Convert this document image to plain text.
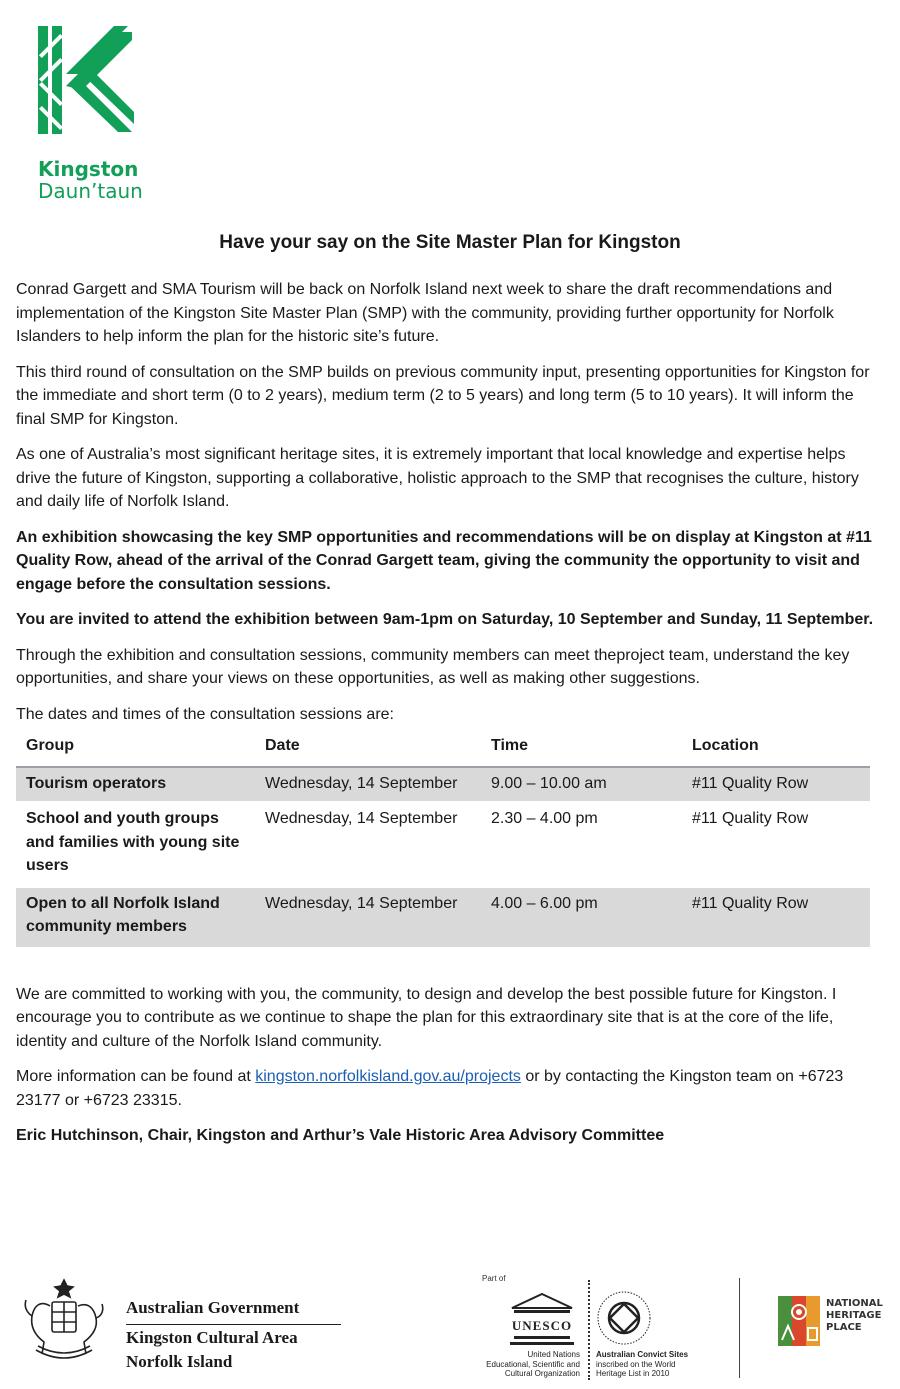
Kingston
Daun’taun
Have your say on the Site Master Plan for Kingston

Conrad Gargett and SMA Tourism will be back on Norfolk Island next week to share the draft recommendations and implementation of the Kingston Site Master Plan (SMP) with the community, providing further opportunity for Norfolk Islanders to help inform the plan for the historic site’s future.

This third round of consultation on the SMP builds on previous community input, presenting opportunities for Kingston for the immediate and short term (0 to 2 years), medium term (2 to 5 years) and long term (5 to 10 years). It will inform the final SMP for Kingston.

As one of Australia’s most significant heritage sites, it is extremely important that local knowledge and expertise helps drive the future of Kingston, supporting a collaborative, holistic approach to the SMP that recognises the culture, history and daily life of Norfolk Island.

An exhibition showcasing the key SMP opportunities and recommendations will be on display at Kingston at #11 Quality Row, ahead of the arrival of the Conrad Gargett team, giving the community the opportunity to visit and engage before the consultation sessions.

You are invited to attend the exhibition between 9am-1pm on Saturday, 10 September and Sunday, 11 September.

Through the exhibition and consultation sessions, community members can meet theproject team, understand the key opportunities, and share your views on these opportunities, as well as making other suggestions.

The dates and times of the consultation sessions are:

Group	Date	Time	Location
Tourism operators	Wednesday, 14 September	9.00 – 10.00 am	#11 Quality Row
School and youth groups and families with young site users	Wednesday, 14 September	2.30 – 4.00 pm	#11 Quality Row
Open to all Norfolk Island community members	Wednesday, 14 September	4.00 – 6.00 pm	#11 Quality Row

We are committed to working with you, the community, to design and develop the best possible future for Kingston. I encourage you to contribute as we continue to shape the plan for this extraordinary site that is at the core of the life, identity and culture of the Norfolk Island community.

More information can be found at kingston.norfolkisland.gov.au/projects or by contacting the Kingston team on +6723 23177 or +6723 23315.

Eric Hutchinson, Chair, Kingston and Arthur’s Vale Historic Area Advisory Committee

Australian Government
Kingston Cultural Area
Norfolk Island
Part of
UNESCO
United Nations
Educational, Scientific and
Cultural Organization
Australian Convict Sites
inscribed on the World
Heritage List in 2010
NATIONAL
HERITAGE
PLACE
